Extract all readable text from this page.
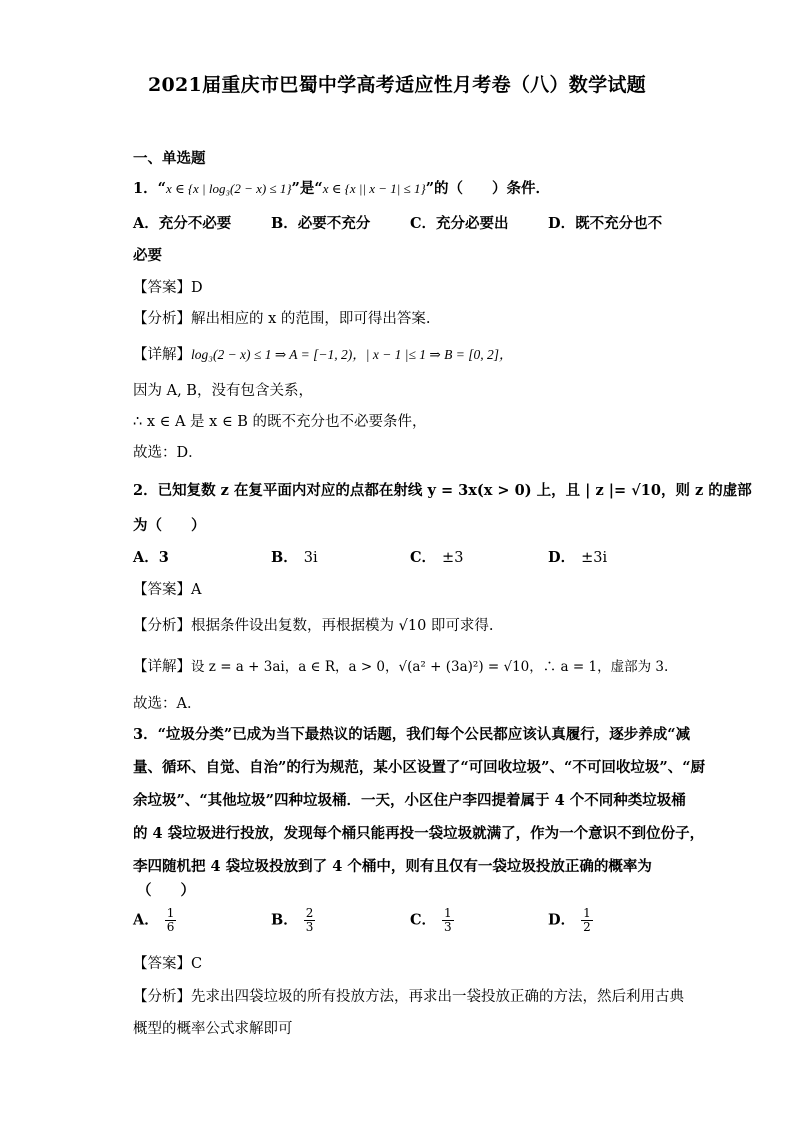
2021届重庆市巴蜀中学高考适应性月考卷（八）数学试题
一、单选题
1．“x ∈ {x | log₃(2 − x) ≤ 1}”是“x ∈ {x || x − 1| ≤ 1}”的（　　）条件．
A．充分不必要	B．必要不充分	C．充分必要出	D．既不充分也不
必要
【答案】D
【分析】解出相应的 x 的范围，即可得出答案.
【详解】log₃(2 − x) ≤ 1 ⇒ A = [−1, 2)，| x − 1 |≤ 1 ⇒ B = [0, 2]，
因为 A, B，没有包含关系，
∴ x ∈ A 是 x ∈ B 的既不充分也不必要条件，
故选：D．
2．已知复数 z 在复平面内对应的点都在射线 y = 3x(x > 0) 上，且 | z |= √10，则 z 的虚部
为（　　）
A．3	B． 3i	C． ±3	D． ±3i
【答案】A
【分析】根据条件设出复数，再根据模为 √10 即可求得.
【详解】设 z = a + 3ai，a ∈ R，a > 0，√(a² + (3a)²) = √10，∴ a = 1，虚部为 3.
故选：A．
3．“垃圾分类”已成为当下最热议的话题，我们每个公民都应该认真履行，逐步养成“减
量、循环、自觉、自治”的行为规范，某小区设置了“可回收垃圾”、“不可回收垃圾”、“厨
余垃圾”、“其他垃圾”四种垃圾桶．一天，小区住户李四提着属于 4 个不同种类垃圾桶
的 4 袋垃圾进行投放，发现每个桶只能再投一袋垃圾就满了，作为一个意识不到位份子，
李四随机把 4 袋垃圾投放到了 4 个桶中，则有且仅有一袋垃圾投放正确的概率为
（　　）
A． $\frac{1}{6}$	B． $\frac{2}{3}$	C． $\frac{1}{3}$	D． $\frac{1}{2}$
【答案】C
【分析】先求出四袋垃圾的所有投放方法，再求出一袋投放正确的方法，然后利用古典
概型的概率公式求解即可
